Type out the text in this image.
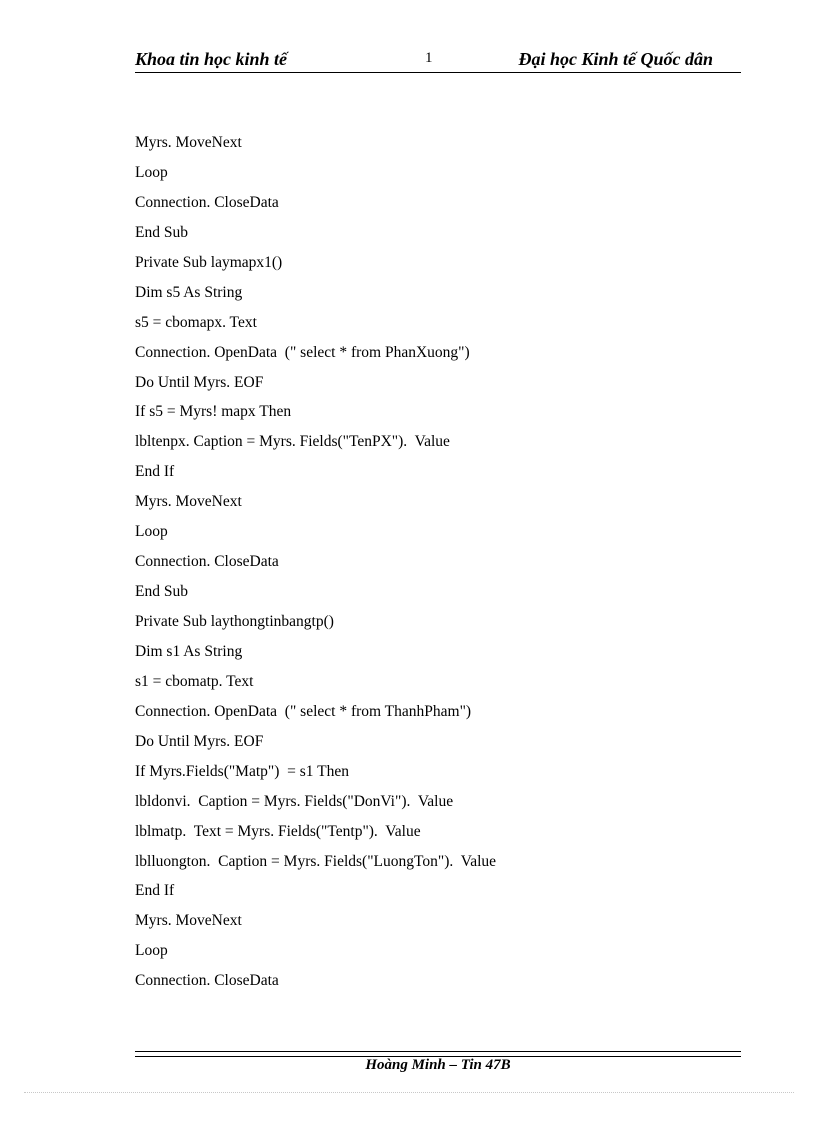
Khoa tin học kinh tế	1	Đại học Kinh tế Quốc dân
Myrs. MoveNext
Loop
Connection. CloseData
End Sub
Private Sub laymapx1()
Dim s5 As String
s5 = cbomapx. Text
Connection. OpenData  (" select * from PhanXuong")
Do Until Myrs. EOF
If s5 = Myrs! mapx Then
lbltenpx. Caption = Myrs. Fields("TenPX").  Value
End If
Myrs. MoveNext
Loop
Connection. CloseData
End Sub
Private Sub laythongtinbangtp()
Dim s1 As String
s1 = cbomatp. Text
Connection. OpenData  (" select * from ThanhPham")
Do Until Myrs. EOF
If Myrs.Fields("Matp")  = s1 Then
lbldonvi.  Caption = Myrs. Fields("DonVi").  Value
lblmatp.  Text = Myrs. Fields("Tentp").  Value
lblluongton.  Caption = Myrs. Fields("LuongTon").  Value
End If
Myrs. MoveNext
Loop
Connection. CloseData
Hoàng Minh – Tin 47B
